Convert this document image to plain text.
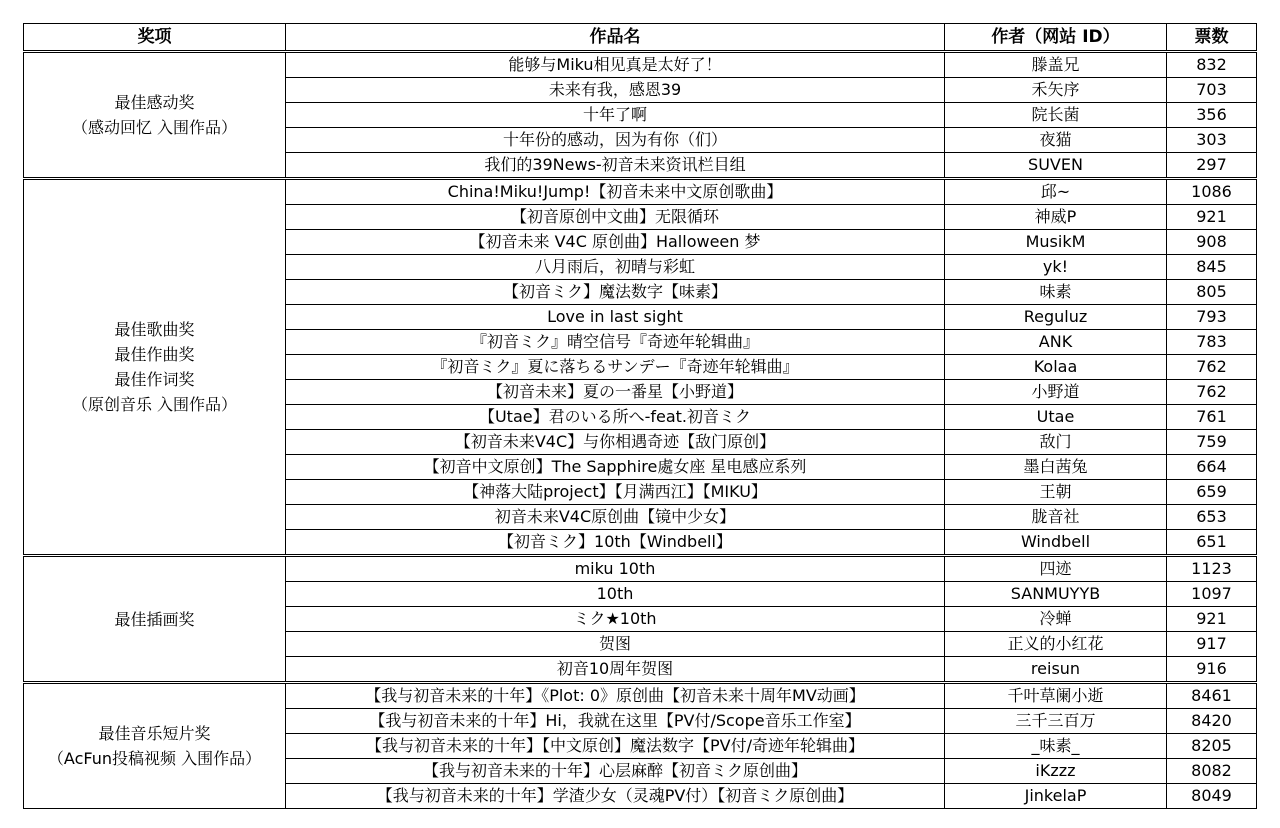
奖项	作品名	作者（网站 ID）	票数

最佳感动奖
（感动回忆 入围作品）	能够与Miku相见真是太好了！	滕盖兄	832
	未来有我，感恩39	禾矢序	703
	十年了啊	院长菌	356
	十年份的感动，因为有你（们）	夜猫	303
	我们的39News-初音未来资讯栏目组	SUVEN	297

最佳歌曲奖
最佳作曲奖
最佳作词奖
（原创音乐 入围作品）	China!Miku!Jump!【初音未来中文原创歌曲】	邱~	1086
	【初音原创中文曲】无限循环	神威P	921
	【初音未来 V4C 原创曲】Halloween 梦	MusikM	908
	八月雨后，初晴与彩虹	yk!	845
	【初音ミク】魔法数字【味素】	味素	805
	Love in last sight	Reguluz	793
	『初音ミク』晴空信号『奇迹年轮辑曲』	ANK	783
	『初音ミク』夏に落ちるサンデー『奇迹年轮辑曲』	Kolaa	762
	【初音未来】夏の一番星【小野道】	小野道	762
	【Utae】君のいる所へ-feat.初音ミク	Utae	761
	【初音未来V4C】与你相遇奇迹【敌门原创】	敌门	759
	【初音中文原创】The Sapphire處女座 星电感应系列	墨白茜兔	664
	【神落大陆project】【月满西江】【MIKU】	王朝	659
	初音未来V4C原创曲【镜中少女】	胧音社	653
	【初音ミク】10th【Windbell】	Windbell	651

最佳插画奖	miku 10th	四迹	1123
	10th	SANMUYYB	1097
	ミク★10th	冷蝉	921
	贺图	正义的小红花	917
	初音10周年贺图	reisun	916

最佳音乐短片奖
（AcFun投稿视频 入围作品）	【我与初音未来的十年】《Plot: 0》原创曲【初音未来十周年MV动画】	千叶草阑小逝	8461
	【我与初音未来的十年】Hi，我就在这里【PV付/Scope音乐工作室】	三千三百万	8420
	【我与初音未来的十年】【中文原创】魔法数字【PV付/奇迹年轮辑曲】	_味素_	8205
	【我与初音未来的十年】心层麻醉【初音ミク原创曲】	iKzzz	8082
	【我与初音未来的十年】学渣少女（灵魂PV付）【初音ミク原创曲】	JinkelaP	8049
